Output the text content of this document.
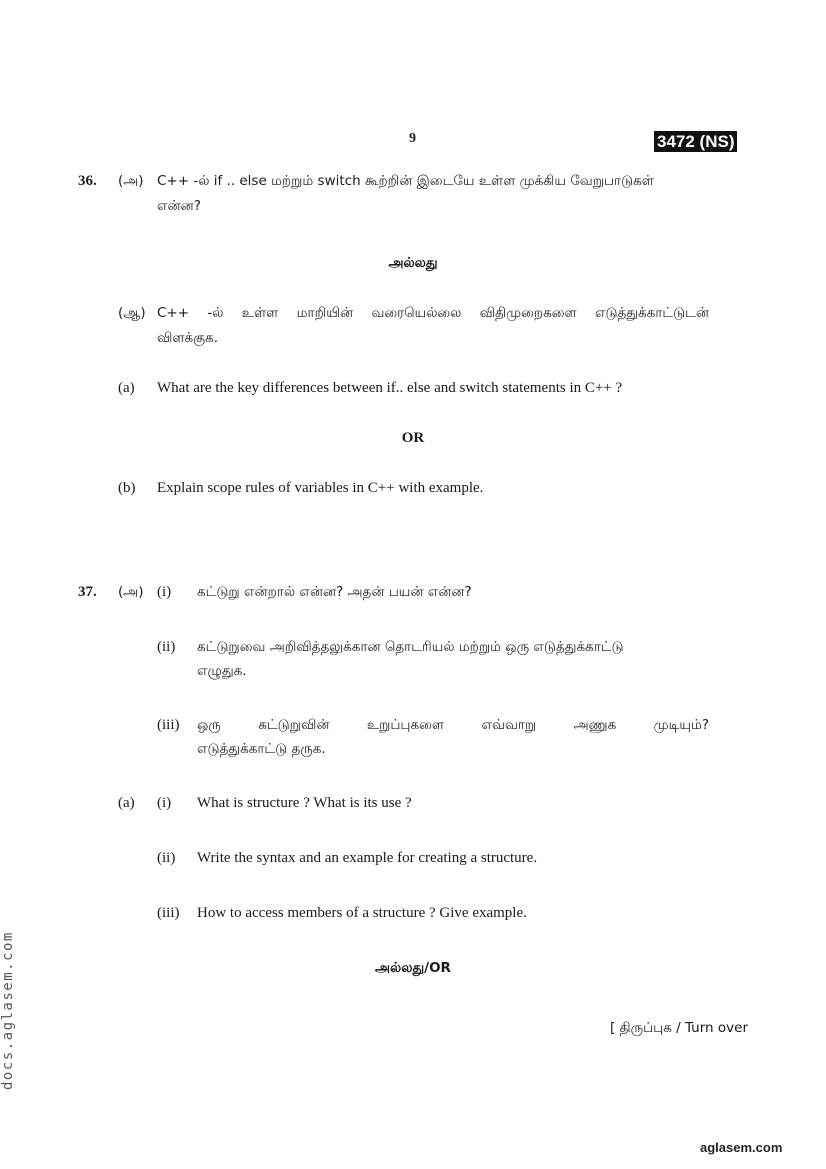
9	3472 (NS)
36. (அ) C++ -ல் if .. else மற்றும் switch கூற்றின் இடையே உள்ள முக்கிய வேறுபாடுகள்
என்ன?
அல்லது
(ஆ) C++ -ல் உள்ள மாறியின் வரையெல்லை விதிமுறைகளை எடுத்துக்காட்டுடன்
விளக்குக.
(a) What are the key differences between if.. else and switch statements in C++ ?
OR
(b) Explain scope rules of variables in C++ with example.
37. (அ) (i) கட்டுறு என்றால் என்ன? அதன் பயன் என்ன?
(ii) கட்டுறுவை அறிவித்தலுக்கான தொடரியல் மற்றும் ஒரு எடுத்துக்காட்டு
எழுதுக.
(iii) ஒரு கட்டுறுவின் உறுப்புகளை எவ்வாறு அணுக முடியும்?
எடுத்துக்காட்டு தருக.
(a) (i) What is structure ? What is its use ?
(ii) Write the syntax and an example for creating a structure.
(iii) How to access members of a structure ? Give example.
அல்லது/OR
[ திருப்புக / Turn over
docs.aglasem.com
aglasem.com
